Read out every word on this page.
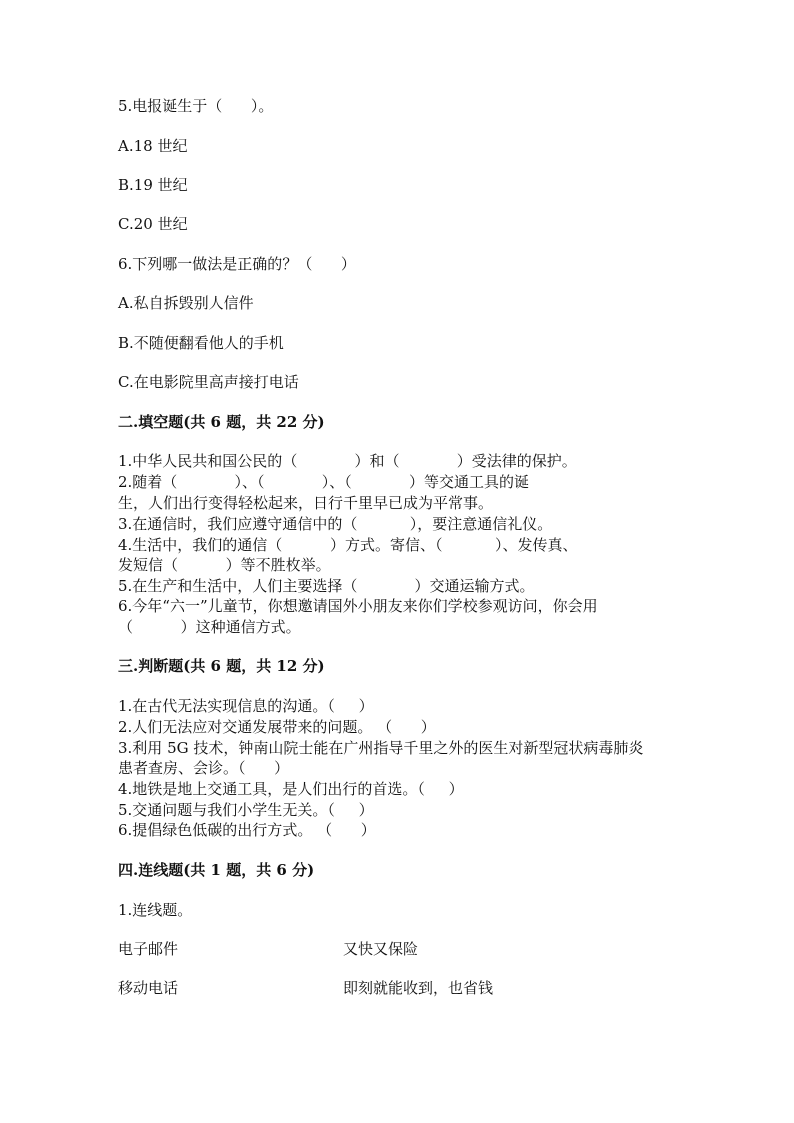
5.电报诞生于（      ）。
A.18 世纪
B.19 世纪
C.20 世纪
6.下列哪一做法是正确的？（      ）
A.私自拆毁别人信件
B.不随便翻看他人的手机
C.在电影院里高声接打电话
二.填空题(共 6 题，共 22 分)
1.中华人民共和国公民的（            ）和（            ）受法律的保护。
2.随着（            ）、（            ）、（            ）等交通工具的诞
生，人们出行变得轻松起来，日行千里早已成为平常事。
3.在通信时，我们应遵守通信中的（           ），要注意通信礼仪。
4.生活中，我们的通信（          ）方式。寄信、（           ）、发传真、
发短信（          ）等不胜枚举。
5.在生产和生活中，人们主要选择（            ）交通运输方式。
6.今年“六一”儿童节，你想邀请国外小朋友来你们学校参观访问，你会用
（          ）这种通信方式。
三.判断题(共 6 题，共 12 分)
1.在古代无法实现信息的沟通。（     ）
2.人们无法应对交通发展带来的问题。 （      ）
3.利用 5G 技术，钟南山院士能在广州指导千里之外的医生对新型冠状病毒肺炎
患者查房、会诊。（      ）
4.地铁是地上交通工具，是人们出行的首选。（     ）
5.交通问题与我们小学生无关。（     ）
6.提倡绿色低碳的出行方式。 （      ）
四.连线题(共 1 题，共 6 分)
1.连线题。
电子邮件	又快又保险
移动电话	即刻就能收到，也省钱
